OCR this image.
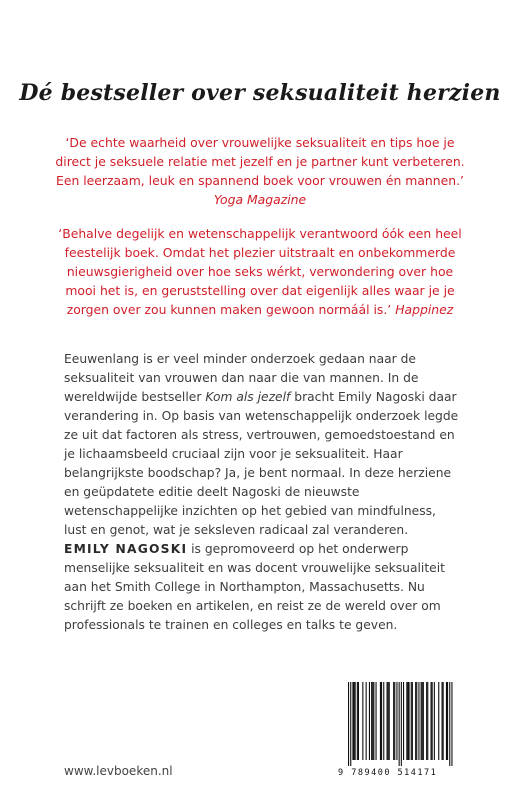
Dé bestseller over seksualiteit herzien
‘De echte waarheid over vrouwelijke seksualiteit en tips hoe je direct je seksuele relatie met jezelf en je partner kunt verbeteren. Een leerzaam, leuk en spannend boek voor vrouwen én mannen.’ Yoga Magazine
‘Behalve degelijk en wetenschappelijk verantwoord óók een heel feestelijk boek. Omdat het plezier uitstraalt en onbekommerde nieuwsgierigheid over hoe seks wérkt, verwondering over hoe mooi het is, en geruststelling over dat eigenlijk alles waar je je zorgen over zou kunnen maken gewoon normáál is.’ Happinez
Eeuwenlang is er veel minder onderzoek gedaan naar de seksualiteit van vrouwen dan naar die van mannen. In de wereldwijde bestseller Kom als jezelf bracht Emily Nagoski daar verandering in. Op basis van wetenschappelijk onderzoek legde ze uit dat factoren als stress, vertrouwen, gemoedstoestand en je lichaamsbeeld cruciaal zijn voor je seksualiteit. Haar belangrijkste boodschap? Ja, je bent normaal. In deze herziene en geüpdatete editie deelt Nagoski de nieuwste wetenschappelijke inzichten op het gebied van mindfulness, lust en genot, wat je seksleven radicaal zal veranderen.
EMILY NAGOSKI is gepromoveerd op het onderwerp menselijke seksualiteit en was docent vrouwelijke seksualiteit aan het Smith College in Northampton, Massachusetts. Nu schrijft ze boeken en artikelen, en reist ze de wereld over om professionals te trainen en colleges en talks te geven.
www.levboeken.nl	9 789400 514171
